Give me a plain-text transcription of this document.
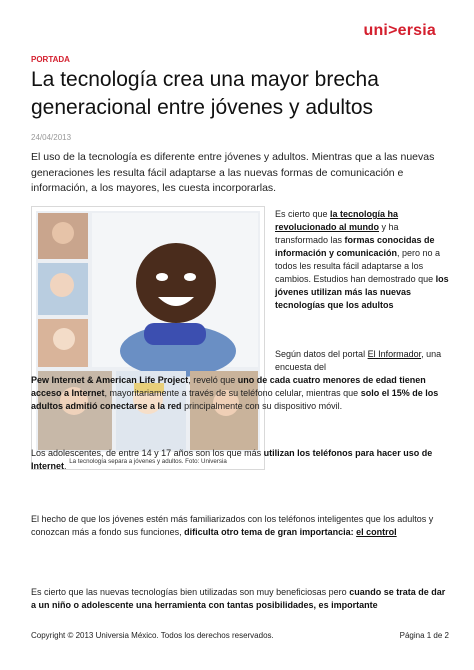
uni>ersia
PORTADA
La tecnología crea una mayor brecha generacional entre jóvenes y adultos
24/04/2013
El uso de la tecnología es diferente entre jóvenes y adultos. Mientras que a las nuevas generaciones les resulta fácil adaptarse a las nuevas formas de comunicación e información, a los mayores, les cuesta incorporarlas.
La tecnología separa a jóvenes y adultos. Foto: Universia
Es cierto que la tecnología ha revolucionado al mundo y ha transformado las formas conocidas de información y comunicación, pero no a todos les resulta fácil adaptarse a los cambios. Estudios han demostrado que los jóvenes utilizan más las nuevas tecnologías que los adultos
Según datos del portal El Informador, una encuesta del
Los adolescentes, de entre 14 y 17 años son los que más utilizan los teléfonos para hacer uso de Internet.
El hecho de que los jóvenes estén más familiarizados con los teléfonos inteligentes que los adultos y conozcan más a fondo sus funciones, dificulta otro tema de gran importancia: el control
Es cierto que las nuevas tecnologías bien utilizadas son muy beneficiosas pero cuando se trata de dar a un niño o adolescente una herramienta con tantas posibilidades, es importante
Copyright © 2013 Universia México. Todos los derechos reservados.	Página 1 de 2
Pew Internet & American Life Project, reveló que uno de cada cuatro menores de edad tienen acceso a Internet, mayoritariamente a través de su teléfono celular, mientras que solo el 15% de los adultos admitió conectarse a la red principalmente con su dispositivo móvil.
